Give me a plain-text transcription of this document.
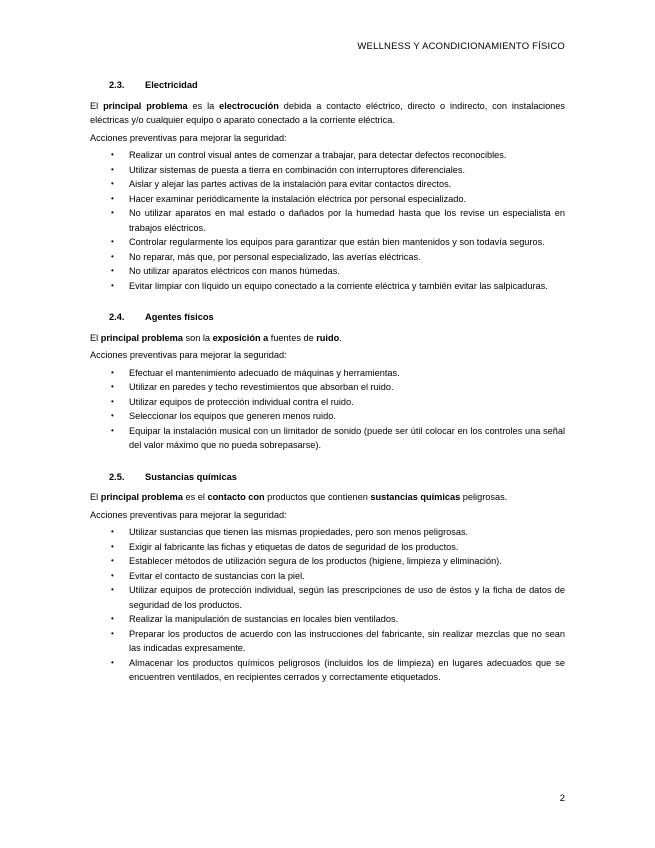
WELLNESS Y ACONDICIONAMIENTO FÍSICO
2.3. Electricidad

El principal problema es la electrocución debida a contacto eléctrico, directo o indirecto, con instalaciones eléctricas y/o cualquier equipo o aparato conectado a la corriente eléctrica.

Acciones preventivas para mejorar la seguridad:

• Realizar un control visual antes de comenzar a trabajar, para detectar defectos reconocibles.
• Utilizar sistemas de puesta a tierra en combinación con interruptores diferenciales.
• Aislar y alejar las partes activas de la instalación para evitar contactos directos.
• Hacer examinar periódicamente la instalación eléctrica por personal especializado.
• No utilizar aparatos en mal estado o dañados por la humedad hasta que los revise un especialista en trabajos eléctricos.
• Controlar regularmente los equipos para garantizar que están bien mantenidos y son todavía seguros.
• No reparar, más que, por personal especializado, las averías eléctricas.
• No utilizar aparatos eléctricos con manos húmedas.
• Evitar limpiar con líquido un equipo conectado a la corriente eléctrica y también evitar las salpicaduras.
2.4. Agentes físicos

El principal problema son la exposición a fuentes de ruido.

Acciones preventivas para mejorar la seguridad:

• Efectuar el mantenimiento adecuado de máquinas y herramientas.
• Utilizar en paredes y techo revestimientos que absorban el ruido.
• Utilizar equipos de protección individual contra el ruido.
• Seleccionar los equipos que generen menos ruido.
• Equipar la instalación musical con un limitador de sonido (puede ser útil colocar en los controles una señal del valor máximo que no pueda sobrepasarse).
2.5. Sustancias químicas

El principal problema es el contacto con productos que contienen sustancias químicas peligrosas.

Acciones preventivas para mejorar la seguridad:

• Utilizar sustancias que tienen las mismas propiedades, pero son menos peligrosas.
• Exigir al fabricante las fichas y etiquetas de datos de seguridad de los productos.
• Establecer métodos de utilización segura de los productos (higiene, limpieza y eliminación).
• Evitar el contacto de sustancias con la piel.
• Utilizar equipos de protección individual, según las prescripciones de uso de éstos y la ficha de datos de seguridad de los productos.
• Realizar la manipulación de sustancias en locales bien ventilados.
• Preparar los productos de acuerdo con las instrucciones del fabricante, sin realizar mezclas que no sean las indicadas expresamente.
• Almacenar los productos químicos peligrosos (incluidos los de limpieza) en lugares adecuados que se encuentren ventilados, en recipientes cerrados y correctamente etiquetados.
2
